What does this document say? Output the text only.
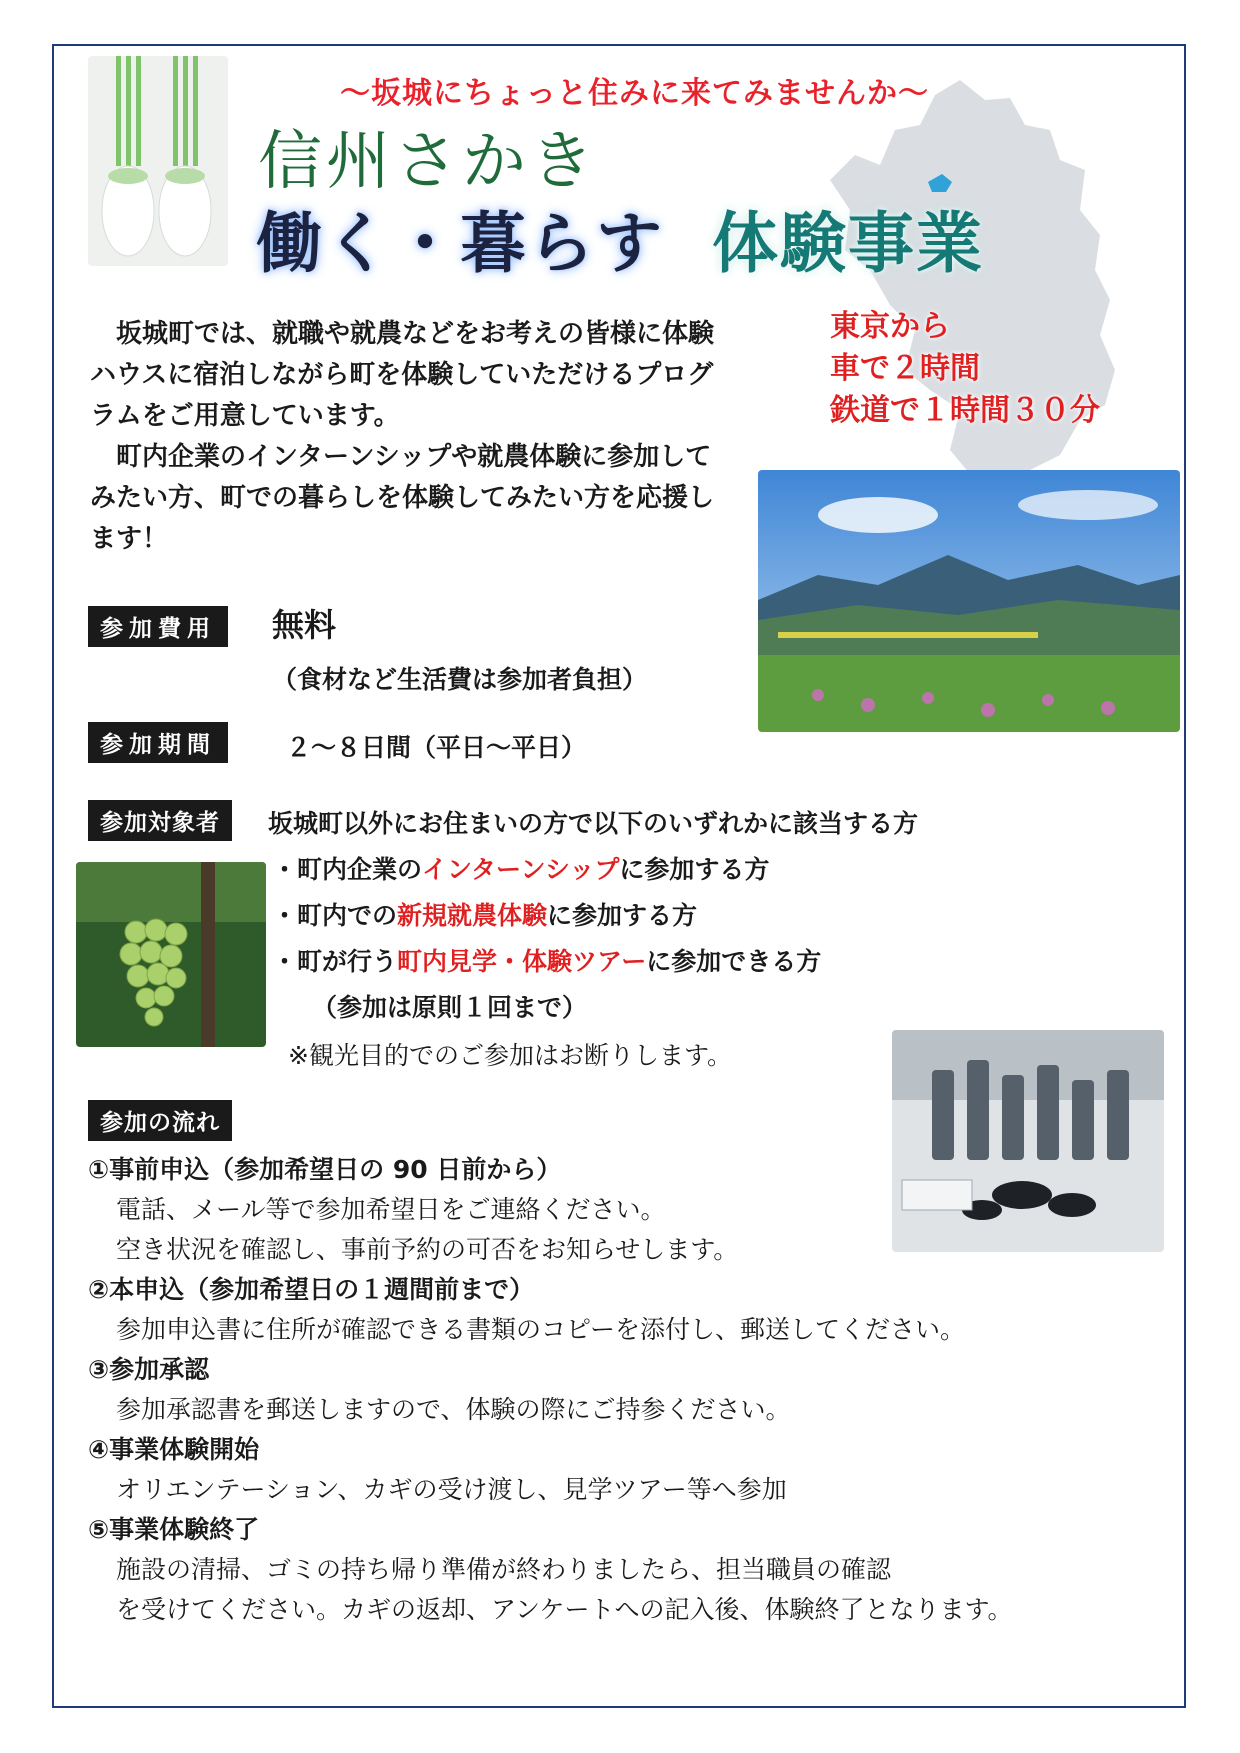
～坂城にちょっと住みに来てみませんか～
信州さかき
働く・暮らす 体験事業
東京から
車で２時間
鉄道で１時間３０分

坂城町では、就職や就農などをお考えの皆様に体験ハウスに宿泊しながら町を体験していただけるプログラムをご用意しています。

町内企業のインターンシップや就農体験に参加してみたい方、町での暮らしを体験してみたい方を応援します！

参加費用	無料
（食材など生活費は参加者負担）
参加期間	２～８日間（平日～平日）
参加対象者	坂城町以外にお住まいの方で以下のいずれかに該当する方
・町内企業のインターンシップに参加する方
・町内での新規就農体験に参加する方
・町が行う町内見学・体験ツアーに参加できる方
（参加は原則１回まで）
※観光目的でのご参加はお断りします。
参加の流れ

①事前申込（参加希望日の 90 日前から）

電話、メール等で参加希望日をご連絡ください。

空き状況を確認し、事前予約の可否をお知らせします。

②本申込（参加希望日の１週間前まで）

参加申込書に住所が確認できる書類のコピーを添付し、郵送してください。

③参加承認

参加承認書を郵送しますので、体験の際にご持参ください。

④事業体験開始

オリエンテーション、カギの受け渡し、見学ツアー等へ参加

⑤事業体験終了

施設の清掃、ゴミの持ち帰り準備が終わりましたら、担当職員の確認

を受けてください。カギの返却、アンケートへの記入後、体験終了となります。
